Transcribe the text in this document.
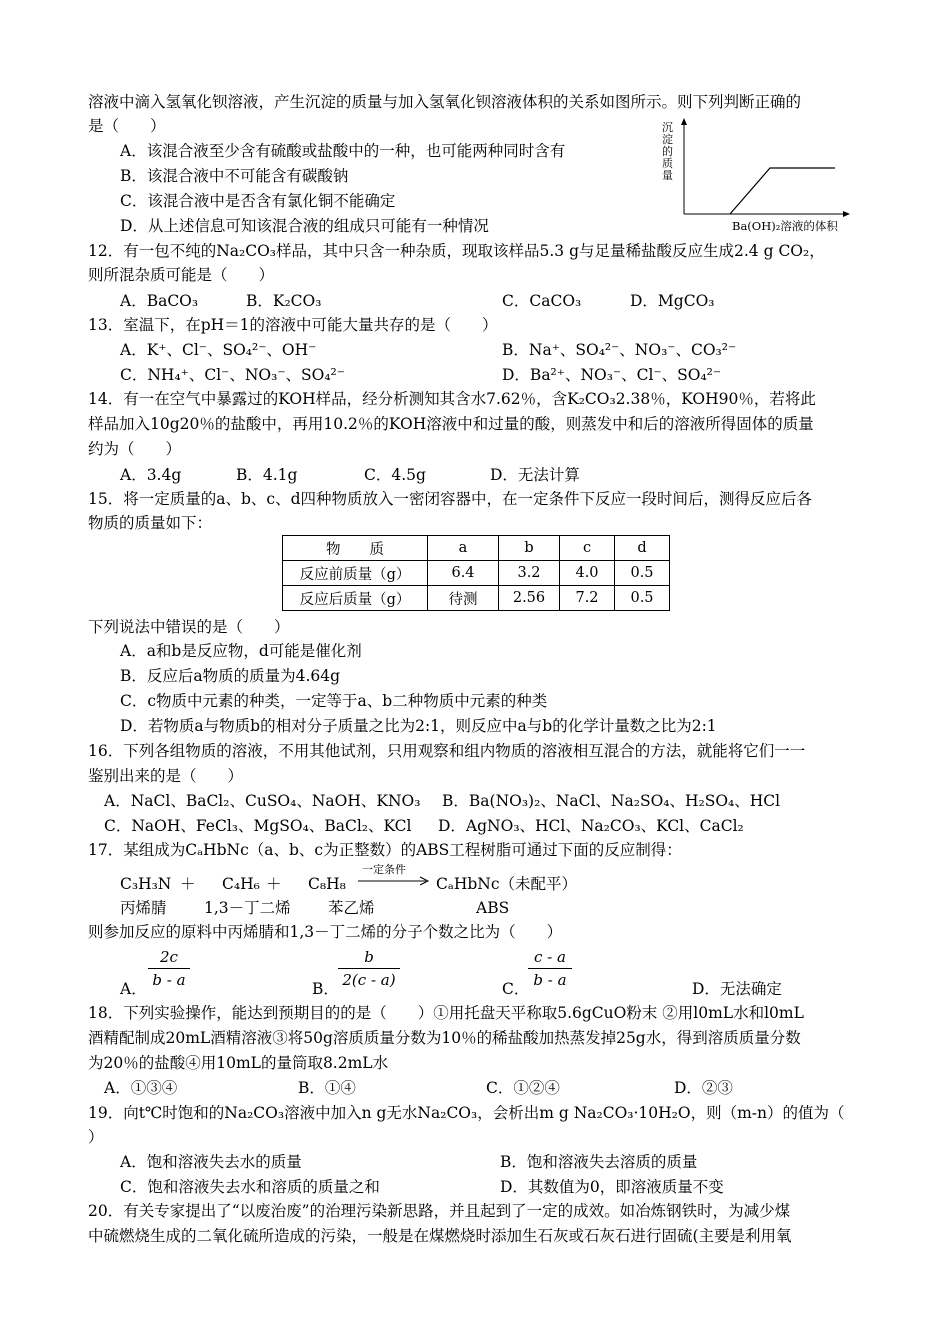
溶液中滴入氢氧化钡溶液，产生沉淀的质量与加入氢氧化钡溶液体积的关系如图所示。则下列判断正确的
是（　　）
A．该混合液至少含有硫酸或盐酸中的一种，也可能两种同时含有
B．该混合液中不可能含有碳酸钠
C．该混合液中是否含有氯化铜不能确定
D．从上述信息可知该混合液的组成只可能有一种情况
沉
淀
的
质
量
Ba(OH)₂溶液的体积
12．有一包不纯的Na₂CO₃样品，其中只含一种杂质，现取该样品5.3 g与足量稀盐酸反应生成2.4 g CO₂，
则所混杂质可能是（　　）
A．BaCO₃	B．K₂CO₃	C．CaCO₃	D．MgCO₃
13．室温下，在pH＝1的溶液中可能大量共存的是（　　）
A．K⁺、Cl⁻、SO₄²⁻、OH⁻	B．Na⁺、SO₄²⁻、NO₃⁻、CO₃²⁻
C．NH₄⁺、Cl⁻、NO₃⁻、SO₄²⁻	D．Ba²⁺、NO₃⁻、Cl⁻、SO₄²⁻
14．有一在空气中暴露过的KOH样品，经分析测知其含水7.62％，含K₂CO₃2.38％，KOH90％，若将此
样品加入10g20％的盐酸中，再用10.2％的KOH溶液中和过量的酸，则蒸发中和后的溶液所得固体的质量
约为（　　）
A．3.4g	B．4.1g	C．4.5g	D．无法计算
15．将一定质量的a、b、c、d四种物质放入一密闭容器中，在一定条件下反应一段时间后，测得反应后各
物质的质量如下：
物　　质	a	b	c	d
反应前质量（g）	6.4	3.2	4.0	0.5
反应后质量（g）	待测	2.56	7.2	0.5
下列说法中错误的是（　　）
A．a和b是反应物，d可能是催化剂
B．反应后a物质的质量为4.64g
C．c物质中元素的种类，一定等于a、b二种物质中元素的种类
D．若物质a与物质b的相对分子质量之比为2:1，则反应中a与b的化学计量数之比为2:1
16．下列各组物质的溶液，不用其他试剂，只用观察和组内物质的溶液相互混合的方法，就能将它们一一
鉴别出来的是（　　）
A．NaCl、BaCl₂、CuSO₄、NaOH、KNO₃ B．Ba(NO₃)₂、NaCl、Na₂SO₄、H₂SO₄、HCl
C．NaOH、FeCl₃、MgSO₄、BaCl₂、KCl D．AgNO₃、HCl、Na₂CO₃、KCl、CaCl₂
17．某组成为CₐHbNc（a、b、c为正整数）的ABS工程树脂可通过下面的反应制得：
C₃H₃N ＋ C₄H₆ ＋ C₈H₈
一定条件
CₐHbNc（未配平）
丙烯腈 1,3－丁二烯 苯乙烯	ABS
则参加反应的原料中丙烯腈和1,3－丁二烯的分子个数之比为（　　）
A． $\frac{2c}{b - a}$	B． $\frac{b}{2(c - a)}$	C．
$\frac{c - a}{b - a}$	D．无法确定
18．下列实验操作，能达到预期目的的是（　　）①用托盘天平称取5.6gCuO粉末 ②用l0mL水和l0mL
酒精配制成20mL酒精溶液③将50g溶质质量分数为10％的稀盐酸加热蒸发掉25g水，得到溶质质量分数
为20％的盐酸④用10mL的量筒取8.2mL水
A．①③④	B．①④	C．①②④	D．②③
19．向t℃时饱和的Na₂CO₃溶液中加入n g无水Na₂CO₃，会析出m g Na₂CO₃·10H₂O，则（m-n）的值为（
）
A．饱和溶液失去水的质量	B．饱和溶液失去溶质的质量
C．饱和溶液失去水和溶质的质量之和	D．其数值为0，即溶液质量不变
20．有关专家提出了“以废治废”的治理污染新思路，并且起到了一定的成效。如冶炼钢铁时，为减少煤
中硫燃烧生成的二氧化硫所造成的污染，一般是在煤燃烧时添加生石灰或石灰石进行固硫(主要是利用氧
